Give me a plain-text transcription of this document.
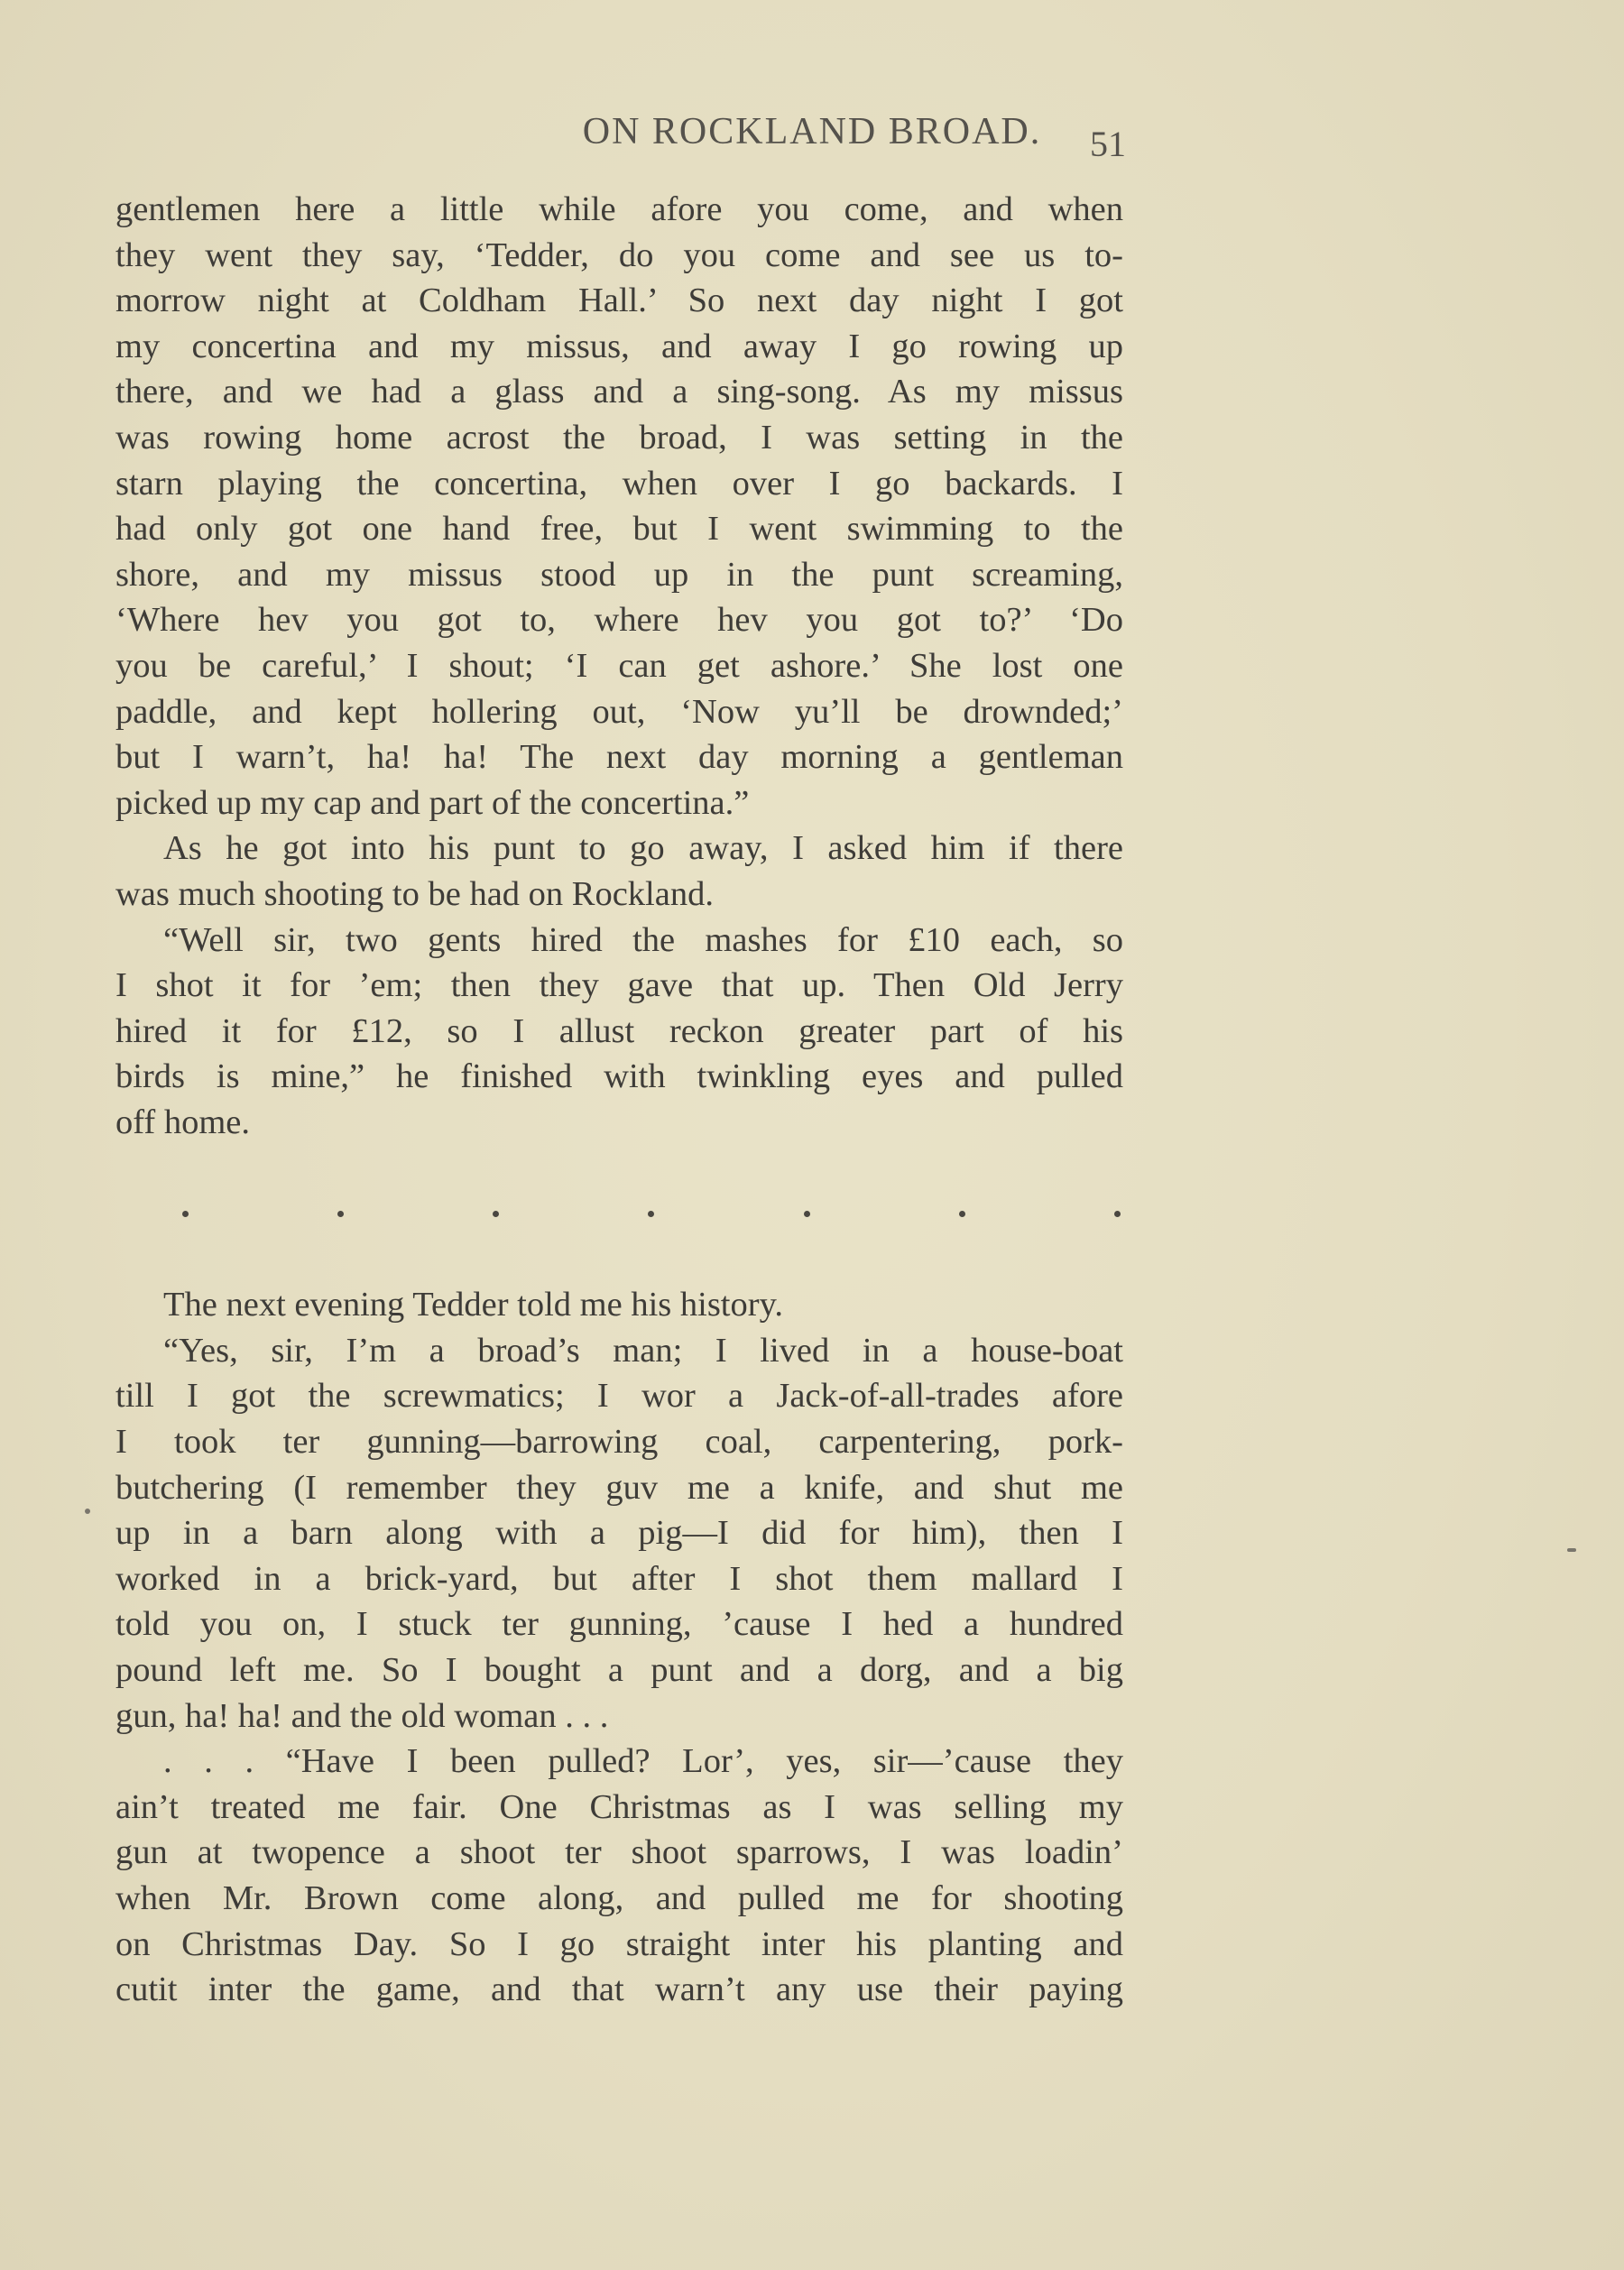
ON ROCKLAND BROAD.	51
gentlemen here a little while afore you come, and when
they went they say, ‘Tedder, do you come and see us to-
morrow night at Coldham Hall.’ So next day night I got
my concertina and my missus, and away I go rowing up
there, and we had a glass and a sing-song. As my missus
was rowing home acrost the broad, I was setting in the
starn playing the concertina, when over I go backards. I
had only got one hand free, but I went swimming to the
shore, and my missus stood up in the punt screaming,
‘Where hev you got to, where hev you got to?’ ‘Do
you be careful,’ I shout; ‘I can get ashore.’ She lost one
paddle, and kept hollering out, ‘Now yu’ll be drownded;’
but I warn’t, ha! ha! The next day morning a gentleman
picked up my cap and part of the concertina.”
As he got into his punt to go away, I asked him if there
was much shooting to be had on Rockland.
“Well sir, two gents hired the mashes for £10 each, so
I shot it for ’em; then they gave that up. Then Old Jerry
hired it for £12, so I allust reckon greater part of his
birds is mine,” he finished with twinkling eyes and pulled
off home.
The next evening Tedder told me his history.
“Yes, sir, I’m a broad’s man; I lived in a house-boat
till I got the screwmatics; I wor a Jack-of-all-trades afore
I took ter gunning—barrowing coal, carpentering, pork-
butchering (I remember they guv me a knife, and shut me
up in a barn along with a pig—I did for him), then I
worked in a brick-yard, but after I shot them mallard I
told you on, I stuck ter gunning, ’cause I hed a hundred
pound left me. So I bought a punt and a dorg, and a big
gun, ha! ha! and the old woman . . .
. . . “Have I been pulled? Lor’, yes, sir—’cause they
ain’t treated me fair. One Christmas as I was selling my
gun at twopence a shoot ter shoot sparrows, I was loadin’
when Mr. Brown come along, and pulled me for shooting
on Christmas Day. So I go straight inter his planting and
cutit inter the game, and that warn’t any use their paying
